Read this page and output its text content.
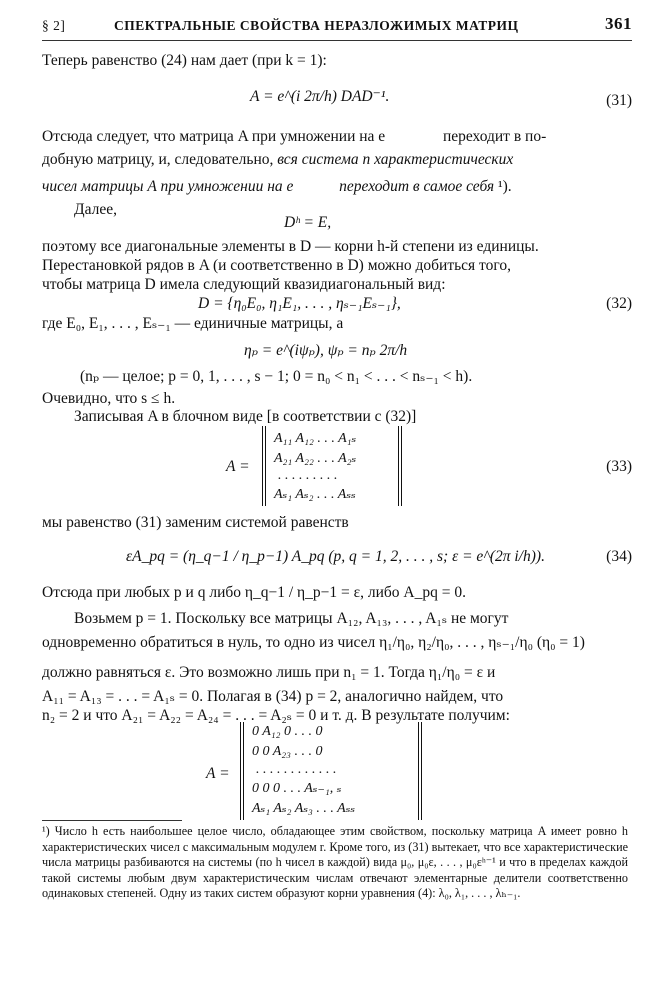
§ 2]	СПЕКТРАЛЬНЫЕ СВОЙСТВА НЕРАЗЛОЖИМЫХ МАТРИЦ	361
Теперь равенство (24) нам дает (при k = 1):
A = e^(i 2π/h) DAD⁻¹.	(31)
Отсюда следует, что матрица A при умножении на e	переходит в по-
добную матрицу, и, следовательно, вся система n характеристических
чисел матрицы A при умножении на e	переходит в самое себя ¹).
Далее,
Dʰ = E,
поэтому все диагональные элементы в D — корни h-й степени из единицы.
Перестановкой рядов в A (и соответственно в D) можно добиться того,
чтобы матрица D имела следующий квазидиагональный вид:
D = {η₀E₀, η₁E₁, . . . , ηₛ₋₁Eₛ₋₁},	(32)
где E₀, E₁, . . . , Eₛ₋₁ — единичные матрицы, а
ηₚ = e^(iψₚ), ψₚ = nₚ 2π/h
(nₚ — целое; p = 0, 1, . . . , s − 1; 0 = n₀ < n₁ < . . . < nₛ₋₁ < h).
Очевидно, что s ≤ h.
Записывая A в блочном виде [в соответствии с (32)]
A =
A₁₁ A₁₂ . . . A₁ₛ
A₂₁ A₂₂ . . . A₂ₛ
. . . . . . . . .
Aₛ₁ Aₛ₂ . . . Aₛₛ
(33)
мы равенство (31) заменим системой равенств
εA_pq = (η_q−1 / η_p−1) A_pq (p, q = 1, 2, . . . , s; ε = e^(2π i/h)).	(34)
Отсюда при любых p и q либо η_q−1 / η_p−1 = ε, либо A_pq = 0.
Возьмем p = 1. Поскольку все матрицы A₁₂, A₁₃, . . . , A₁ₛ не могут
одновременно обратиться в нуль, то одно из чисел η₁/η₀, η₂/η₀, . . . , ηₛ₋₁/η₀ (η₀ = 1)
должно равняться ε. Это возможно лишь при n₁ = 1. Тогда η₁/η₀ = ε и
A₁₁ = A₁₃ = . . . = A₁ₛ = 0. Полагая в (34) p = 2, аналогично найдем, что
n₂ = 2 и что A₂₁ = A₂₂ = A₂₄ = . . . = A₂ₛ = 0 и т. д. В результате получим:
A =
0 A₁₂ 0 . . . 0
0 0 A₂₃ . . . 0
. . . . . . . . . . . .
0 0 0 . . . Aₛ₋₁, ₛ
Aₛ₁ Aₛ₂ Aₛ₃ . . . Aₛₛ

¹) Число h есть наибольшее целое число, обладающее этим свойством, поскольку матрица A имеет ровно h характеристических чисел с максимальным модулем r. Кроме того, из (31) вытекает, что все характеристические числа матрицы разбиваются на системы (по h чисел в каждой) вида μ₀, μ₀ε, . . . , μ₀εʰ⁻¹ и что в пределах каждой такой системы любым двум характеристическим числам отвечают элементарные делители соответственно одинаковых степеней. Одну из таких систем образуют корни уравнения (4): λ₀, λ₁, . . . , λₕ₋₁.
